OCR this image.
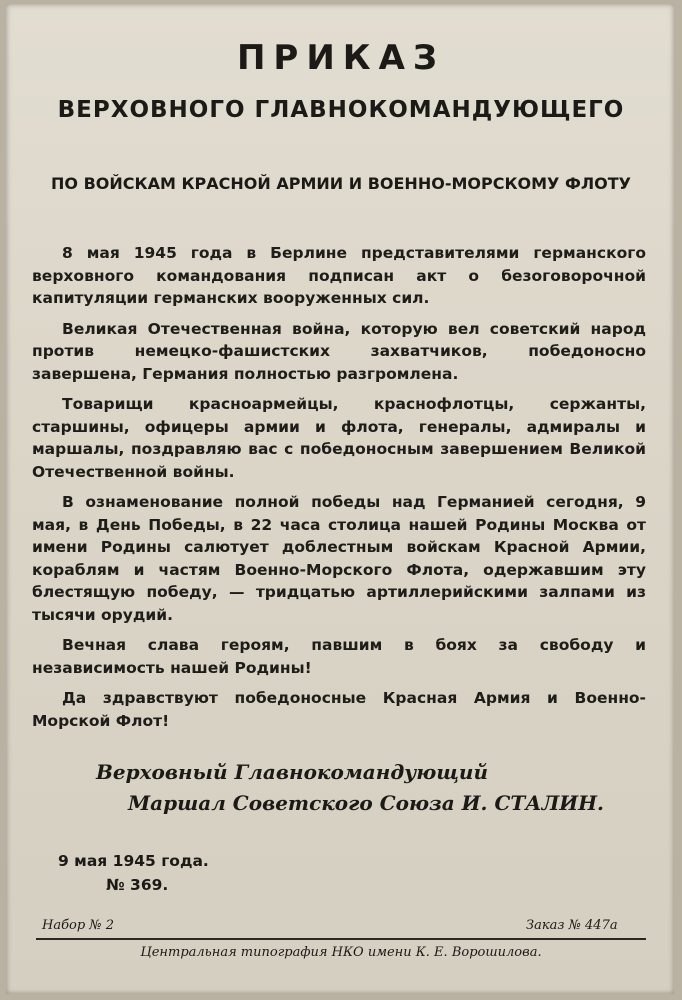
ПРИКАЗ
ВЕРХОВНОГО ГЛАВНОКОМАНДУЮЩЕГО
ПО ВОЙСКАМ КРАСНОЙ АРМИИ И ВОЕННО-МОРСКОМУ ФЛОТУ

8 мая 1945 года в Берлине представителями германского верховного командования подписан акт о безоговорочной капитуляции германских вооруженных сил.

Великая Отечественная война, которую вел советский народ против немецко-фашистских захватчиков, победоносно завершена, Германия полностью разгромлена.

Товарищи красноармейцы, краснофлотцы, сержанты, старшины, офицеры армии и флота, генералы, адмиралы и маршалы, поздравляю вас с победоносным завершением Великой Отечественной войны.

В ознаменование полной победы над Германией сегодня, 9 мая, в День Победы, в 22 часа столица нашей Родины Москва от имени Родины салютует доблестным войскам Красной Армии, кораблям и частям Военно-Морского Флота, одержавшим эту блестящую победу, — тридцатью артиллерийскими залпами из тысячи орудий.

Вечная слава героям, павшим в боях за свободу и независимость нашей Родины!

Да здравствуют победоносные Красная Армия и Военно-Морской Флот!

Верховный Главнокомандующий
Маршал Советского Союза И. СТАЛИН.
9 мая 1945 года.
№ 369.
Набор № 2	Заказ № 447а
Центральная типография НКО имени К. Е. Ворошилова.
